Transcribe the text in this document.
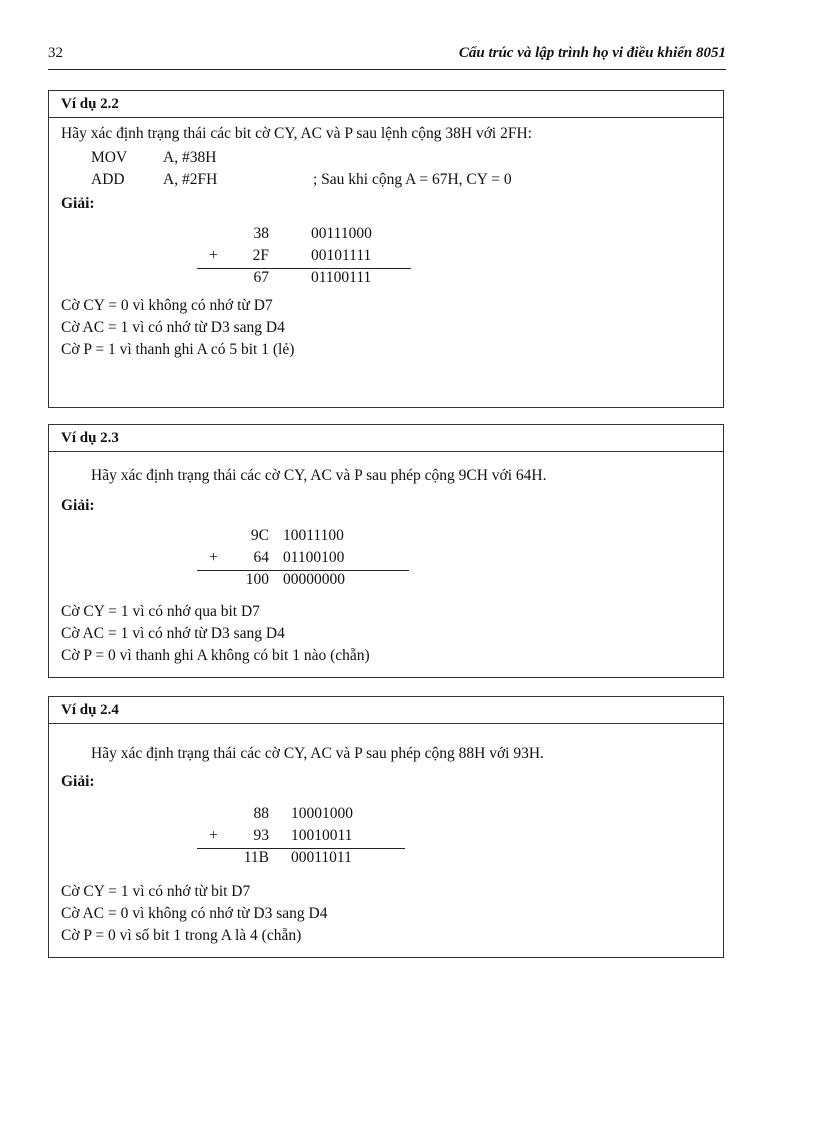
32	Cấu trúc và lập trình họ vi điều khiển 8051
Ví dụ 2.2
Hãy xác định trạng thái các bit cờ CY, AC và P sau lệnh cộng 38H với 2FH:
MOV A, #38H
ADD A, #2FH	; Sau khi cộng A = 67H, CY = 0
Giải:
38	00111000
+	2F	00101111
67	01100111
Cờ CY = 0 vì không có nhớ từ D7
Cờ AC = 1 vì có nhớ từ D3 sang D4
Cờ P = 1 vì thanh ghi A có 5 bit 1 (lẻ)
Ví dụ 2.3
Hãy xác định trạng thái các cờ CY, AC và P sau phép cộng 9CH với 64H.
Giải:
9C 10011100
+	64 01100100
100 00000000
Cờ CY = 1 vì có nhớ qua bit D7
Cờ AC = 1 vì có nhớ từ D3 sang D4
Cờ P = 0 vì thanh ghi A không có bit 1 nào (chẵn)
Ví dụ 2.4
Hãy xác định trạng thái các cờ CY, AC và P sau phép cộng 88H với 93H.
Giải:
88 10001000
+	93 10010011
11B 00011011
Cờ CY = 1 vì có nhớ từ bit D7
Cờ AC = 0 vì không có nhớ từ D3 sang D4
Cờ P = 0 vì số bit 1 trong A là 4 (chẵn)
